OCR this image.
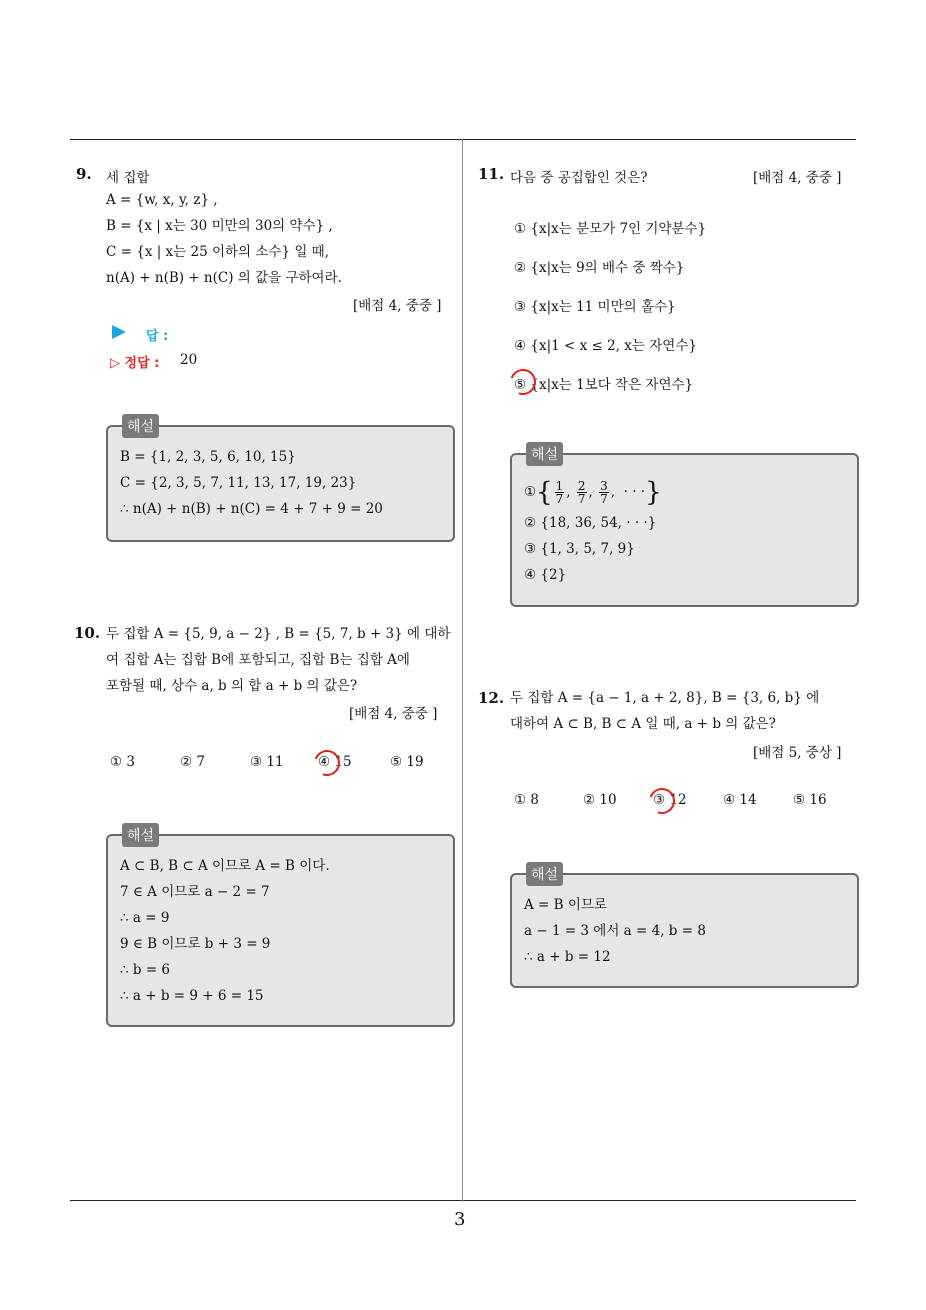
9. 세 집합
A = {w, x, y, z} ,
B = {x | x는 30 미만의 30의 약수} ,
C = {x | x는 25 이하의 소수} 일 때,
n(A) + n(B) + n(C) 의 값을 구하여라.
[배점 4, 중중 ]
답 :
▷ 정답 : 20
해설
B = {1, 2, 3, 5, 6, 10, 15}
C = {2, 3, 5, 7, 11, 13, 17, 19, 23}
∴ n(A) + n(B) + n(C) = 4 + 7 + 9 = 20
10. 두 집합 A = {5, 9, a − 2} , B = {5, 7, b + 3} 에 대하
여 집합 A는 집합 B에 포함되고, 집합 B는 집합 A에
포함될 때, 상수 a, b 의 합 a + b 의 값은?
[배점 4, 중중 ]
① 3	② 7	③ 11	④ 15	⑤ 19
해설
A ⊂ B, B ⊂ A 이므로 A = B 이다.
7 ∈ A 이므로 a − 2 = 7
∴ a = 9
9 ∈ B 이므로 b + 3 = 9
∴ b = 6
∴ a + b = 9 + 6 = 15
11. 다음 중 공집합인 것은?	[배점 4, 중중 ]
① {x|x는 분모가 7인 기약분수}
② {x|x는 9의 배수 중 짝수}
③ {x|x는 11 미만의 홀수}
④ {x|1 < x ≤ 2, x는 자연수}
⑤ {x|x는 1보다 작은 자연수}
해설
①{ $\frac{1}{7}$ , $\frac{2}{7}$ , $\frac{3}{7}$ ,  · · ·}
② {18, 36, 54, · · ·}
③ {1, 3, 5, 7, 9}
④ {2}
12. 두 집합 A = {a − 1, a + 2, 8}, B = {3, 6, b} 에
대하여 A ⊂ B, B ⊂ A 일 때, a + b 의 값은?
[배점 5, 중상 ]
① 8	② 10	③ 12	④ 14	⑤ 16
해설
A = B 이므로
a − 1 = 3 에서 a = 4, b = 8
∴ a + b = 12
3
